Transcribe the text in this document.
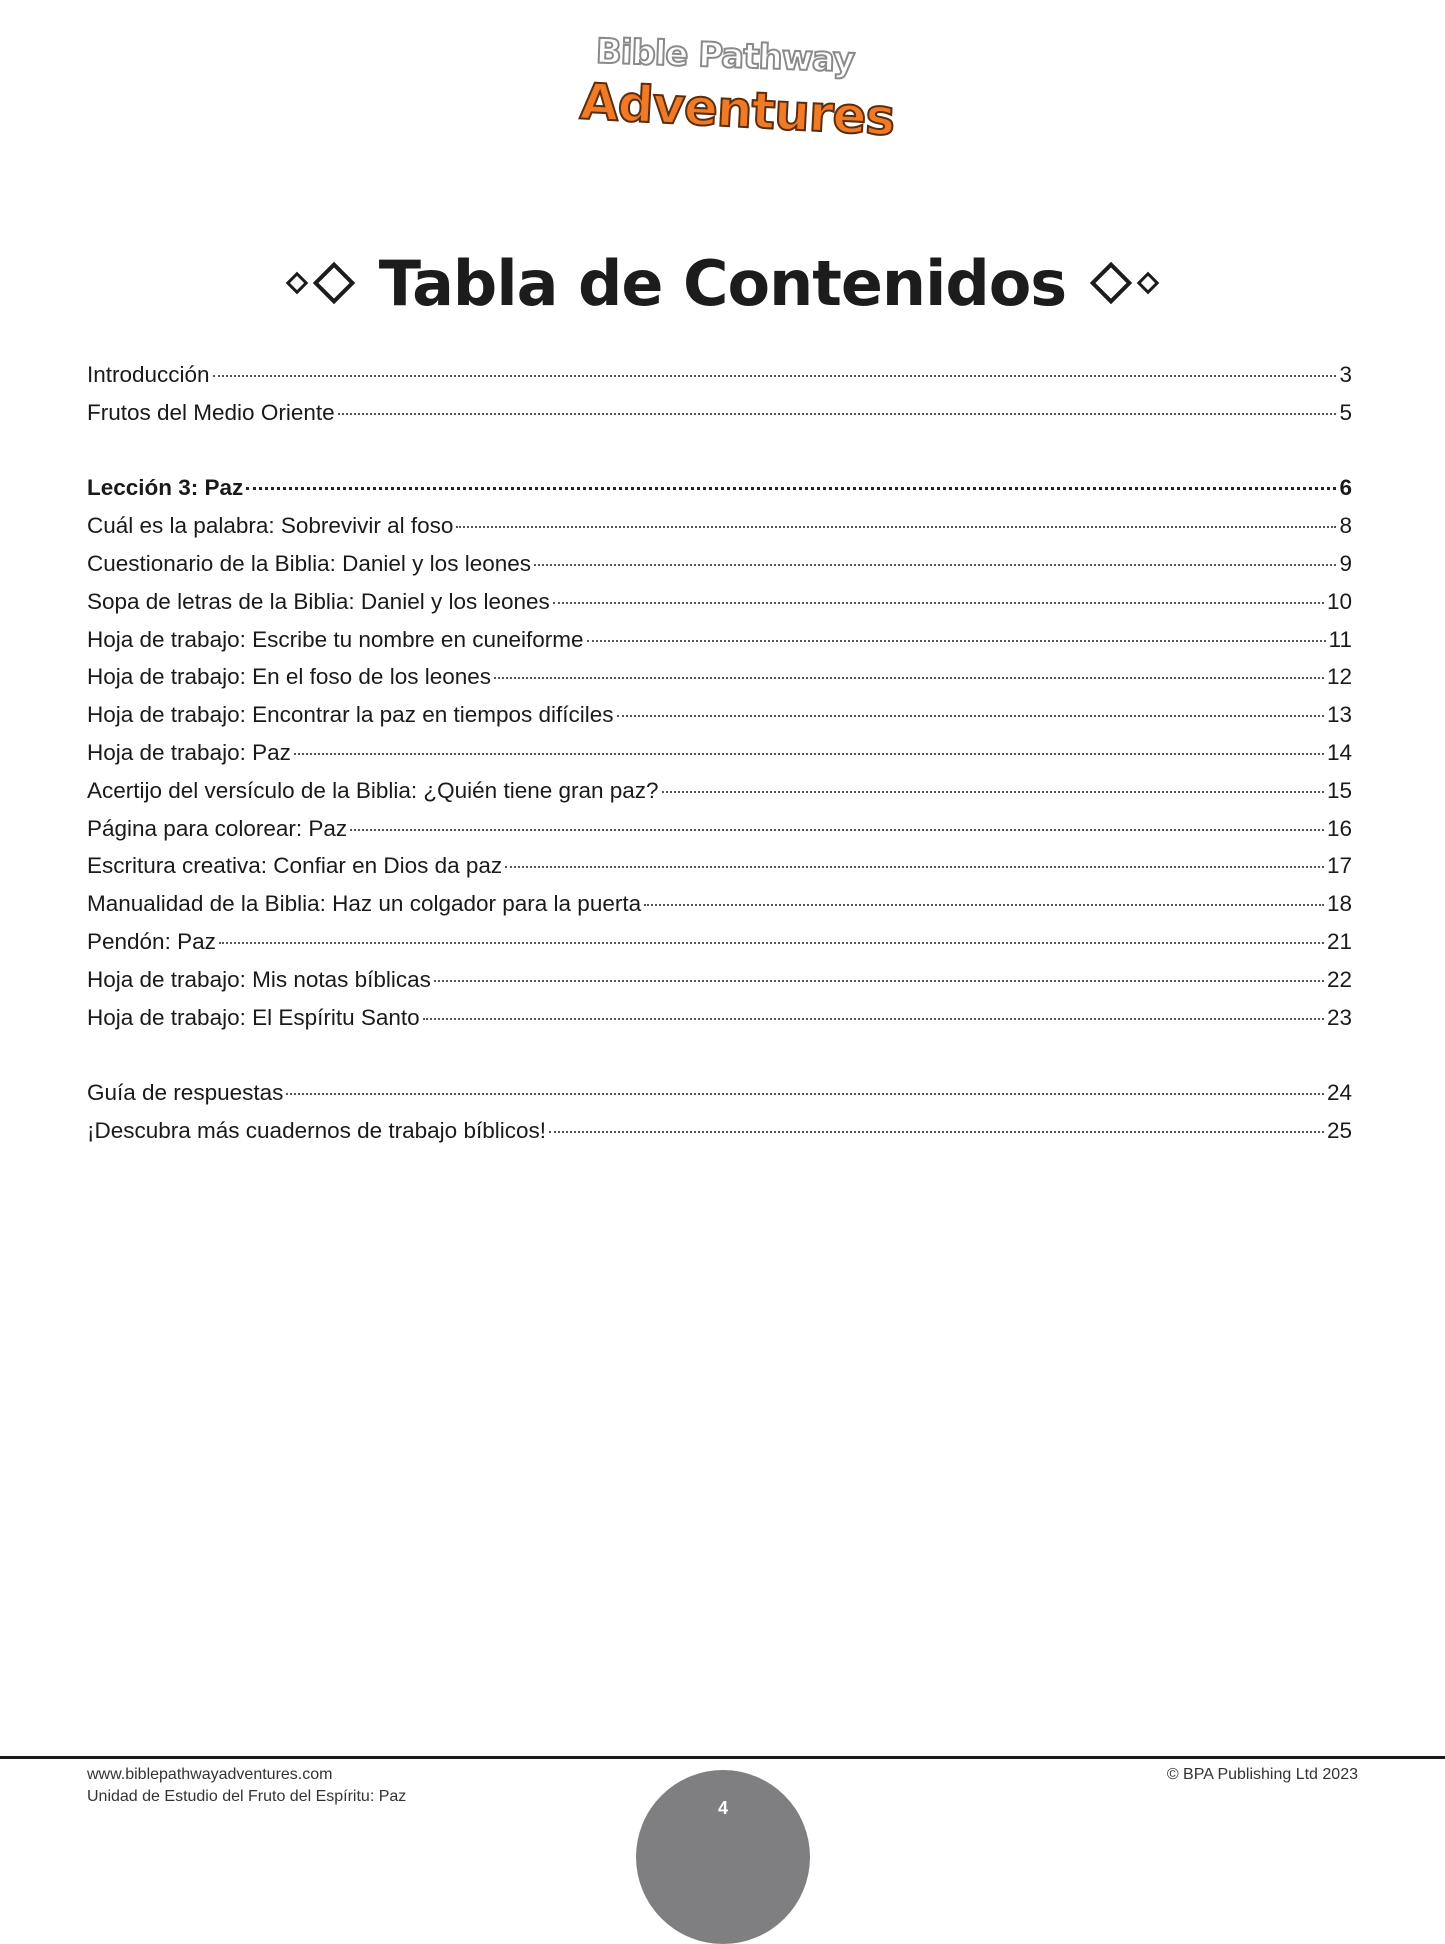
Bible Pathway
Adventures
Tabla de Contenidos
Introducción	3
Frutos del Medio Oriente	5
Lección 3: Paz	6
Cuál es la palabra: Sobrevivir al foso	8
Cuestionario de la Biblia: Daniel y los leones	9
Sopa de letras de la Biblia: Daniel y los leones	10
Hoja de trabajo: Escribe tu nombre en cuneiforme	11
Hoja de trabajo: En el foso de los leones	12
Hoja de trabajo: Encontrar la paz en tiempos difíciles	13
Hoja de trabajo: Paz	14
Acertijo del versículo de la Biblia: ¿Quién tiene gran paz?	15
Página para colorear: Paz	16
Escritura creativa: Confiar en Dios da paz	17
Manualidad de la Biblia: Haz un colgador para la puerta	18
Pendón: Paz	21
Hoja de trabajo: Mis notas bíblicas	22
Hoja de trabajo: El Espíritu Santo	23
Guía de respuestas	24
¡Descubra más cuadernos de trabajo bíblicos!	25
www.biblepathwayadventures.com
Unidad de Estudio del Fruto del Espíritu: Paz
© BPA Publishing Ltd 2023
4
